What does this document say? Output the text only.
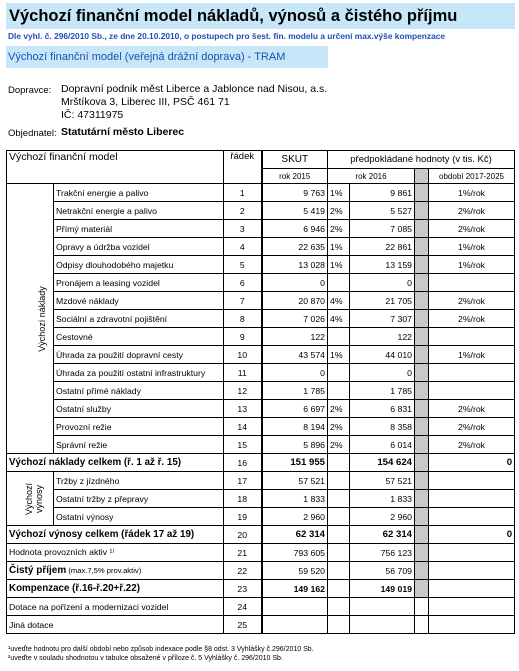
Výchozí finanční model nákladů, výnosů a čistého příjmu
Dle vyhl. č. 296/2010 Sb., ze dne 20.10.2010, o postupech pro šest. fin. modelu a určení max.výše kompenzace
Výchozí finanční model (veřejná drážní doprava) - TRAM
Dopravce: Dopravní podnik měst Liberce a Jablonce nad Nisou, a.s.
Mrštíkova 3, Liberec III, PSČ 461 71
IČ: 47311975
Objednatel: Statutární město Liberec
Výchozí finanční model		řádek	SKUT	předpokládané hodnoty (v tis. Kč)			
			rok 2015	rok 2016			období 2017-2025
Výchozí náklady	Trakční energie a palivo	1	9 763	1%	9 861		1%/rok
	Netrakční energie a palivo	2	5 419	2%	5 527		2%/rok
	Přímý materiál	3	6 946	2%	7 085		2%/rok
	Opravy a údržba vozidel	4	22 635	1%	22 861		1%/rok
	Odpisy dlouhodobého majetku	5	13 028	1%	13 159		1%/rok
	Pronájem a leasing vozidel	6	0		0		
	Mzdové náklady	7	20 870	4%	21 705		2%/rok
	Sociální a zdravotní pojištění	8	7 026	4%	7 307		2%/rok
	Cestovné	9	122		122		
	Úhrada za použití dopravní cesty	10	43 574	1%	44 010		1%/rok
	Úhrada za použití ostatní infrastruktury	11	0		0		
	Ostatní přímé náklady	12	1 785		1 785		
	Ostatní služby	13	6 697	2%	6 831		2%/rok
	Provozní režie	14	8 194	2%	8 358		2%/rok
	Správní režie	15	5 896	2%	6 014		2%/rok
Výchozí náklady celkem (ř. 1 až ř. 15)		16	151 955		154 624		0
Výchozí výnosy	Tržby z jízdného	17	57 521		57 521		
	Ostatní tržby z přepravy	18	1 833		1 833		
	Ostatní výnosy	19	2 960		2 960		
Výchozí výnosy celkem (řádek 17 až 19)		20	62 314		62 314		0
Hodnota provozních aktiv ¹⁾		21	793 605		756 123		
Čistý příjem (max.7,5% prov.aktiv)		22	59 520		56 709		
Kompenzace (ř.16-ř.20+ř.22)		23	149 162		149 019		
Dotace na pořízení a modernizaci vozidel		24					
Jiná dotace		25					
¹uveďte hodnotu pro další období nebo způsob indexace podle §8 odst. 3 Vyhlášky č.296/2010 Sb.
²uveďte v souladu shodnotou v tabulce obsažené v příloze č. 5 Vyhlášky č. 296/2010 Sb.
